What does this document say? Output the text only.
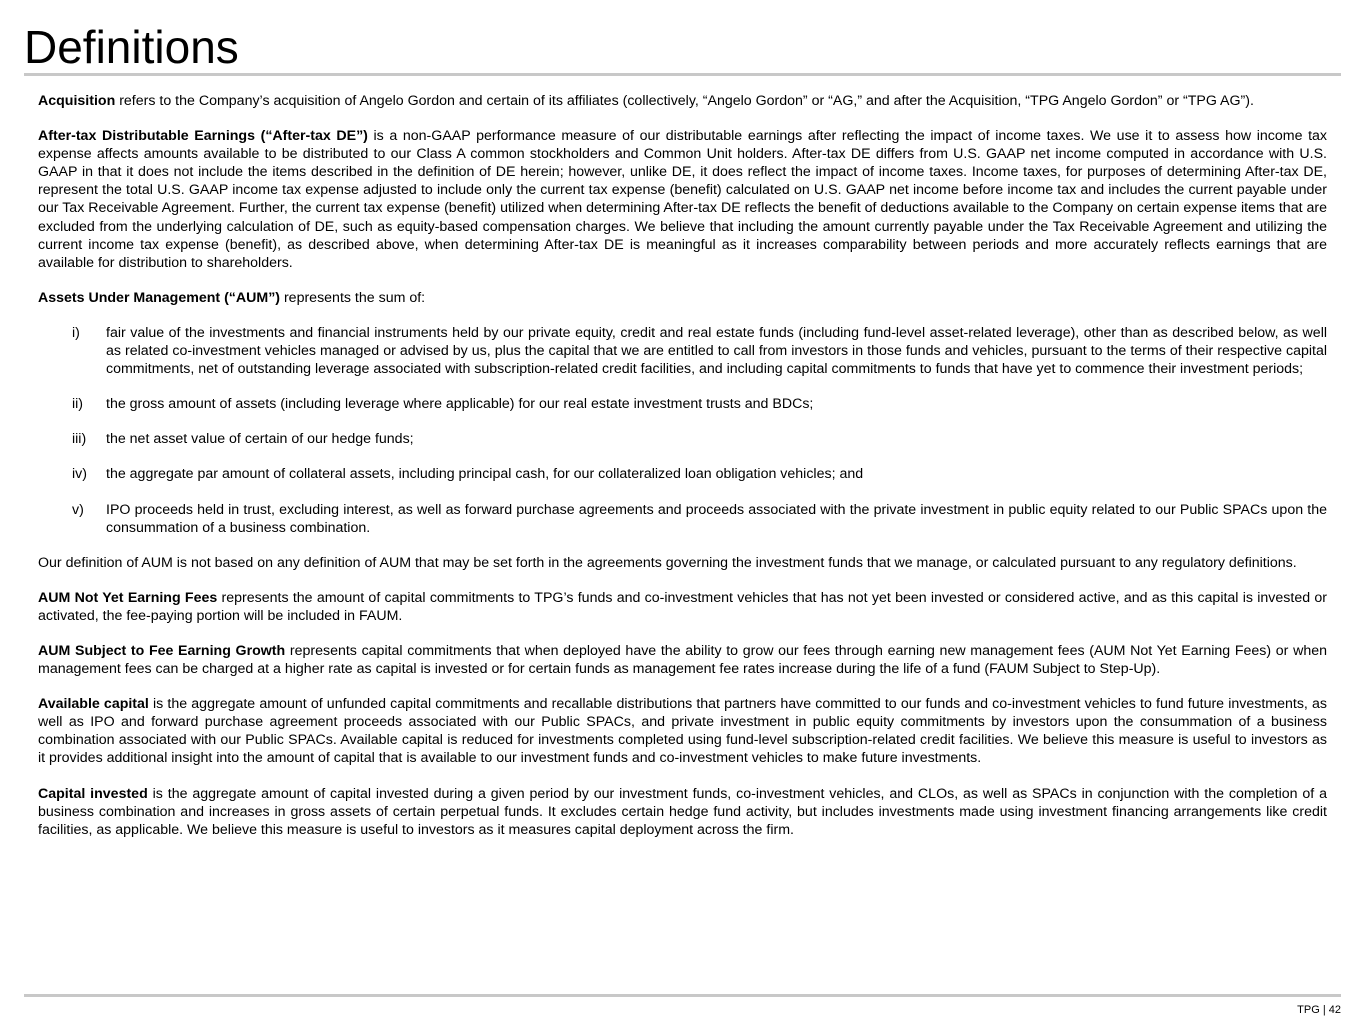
Definitions

Acquisition refers to the Company’s acquisition of Angelo Gordon and certain of its affiliates (collectively, “Angelo Gordon” or “AG,” and after the Acquisition, “TPG Angelo Gordon” or “TPG AG”).

After-tax Distributable Earnings (“After-tax DE”) is a non-GAAP performance measure of our distributable earnings after reflecting the impact of income taxes. We use it to assess how income tax expense affects amounts available to be distributed to our Class A common stockholders and Common Unit holders. After-tax DE differs from U.S. GAAP net income computed in accordance with U.S. GAAP in that it does not include the items described in the definition of DE herein; however, unlike DE, it does reflect the impact of income taxes. Income taxes, for purposes of determining After-tax DE, represent the total U.S. GAAP income tax expense adjusted to include only the current tax expense (benefit) calculated on U.S. GAAP net income before income tax and includes the current payable under our Tax Receivable Agreement. Further, the current tax expense (benefit) utilized when determining After-tax DE reflects the benefit of deductions available to the Company on certain expense items that are excluded from the underlying calculation of DE, such as equity-based compensation charges. We believe that including the amount currently payable under the Tax Receivable Agreement and utilizing the current income tax expense (benefit), as described above, when determining After-tax DE is meaningful as it increases comparability between periods and more accurately reflects earnings that are available for distribution to shareholders.

Assets Under Management (“AUM”) represents the sum of:

i) fair value of the investments and financial instruments held by our private equity, credit and real estate funds (including fund-level asset-related leverage), other than as described below, as well as related co-investment vehicles managed or advised by us, plus the capital that we are entitled to call from investors in those funds and vehicles, pursuant to the terms of their respective capital commitments, net of outstanding leverage associated with subscription-related credit facilities, and including capital commitments to funds that have yet to commence their investment periods;
ii) the gross amount of assets (including leverage where applicable) for our real estate investment trusts and BDCs;
iii) the net asset value of certain of our hedge funds;
iv) the aggregate par amount of collateral assets, including principal cash, for our collateralized loan obligation vehicles; and
v) IPO proceeds held in trust, excluding interest, as well as forward purchase agreements and proceeds associated with the private investment in public equity related to our Public SPACs upon the consummation of a business combination.

Our definition of AUM is not based on any definition of AUM that may be set forth in the agreements governing the investment funds that we manage, or calculated pursuant to any regulatory definitions.

AUM Not Yet Earning Fees represents the amount of capital commitments to TPG’s funds and co-investment vehicles that has not yet been invested or considered active, and as this capital is invested or activated, the fee-paying portion will be included in FAUM.

AUM Subject to Fee Earning Growth represents capital commitments that when deployed have the ability to grow our fees through earning new management fees (AUM Not Yet Earning Fees) or when management fees can be charged at a higher rate as capital is invested or for certain funds as management fee rates increase during the life of a fund (FAUM Subject to Step-Up).

Available capital is the aggregate amount of unfunded capital commitments and recallable distributions that partners have committed to our funds and co-investment vehicles to fund future investments, as well as IPO and forward purchase agreement proceeds associated with our Public SPACs, and private investment in public equity commitments by investors upon the consummation of a business combination associated with our Public SPACs. Available capital is reduced for investments completed using fund-level subscription-related credit facilities. We believe this measure is useful to investors as it provides additional insight into the amount of capital that is available to our investment funds and co-investment vehicles to make future investments.

Capital invested is the aggregate amount of capital invested during a given period by our investment funds, co-investment vehicles, and CLOs, as well as SPACs in conjunction with the completion of a business combination and increases in gross assets of certain perpetual funds. It excludes certain hedge fund activity, but includes investments made using investment financing arrangements like credit facilities, as applicable. We believe this measure is useful to investors as it measures capital deployment across the firm.

TPG | 42
